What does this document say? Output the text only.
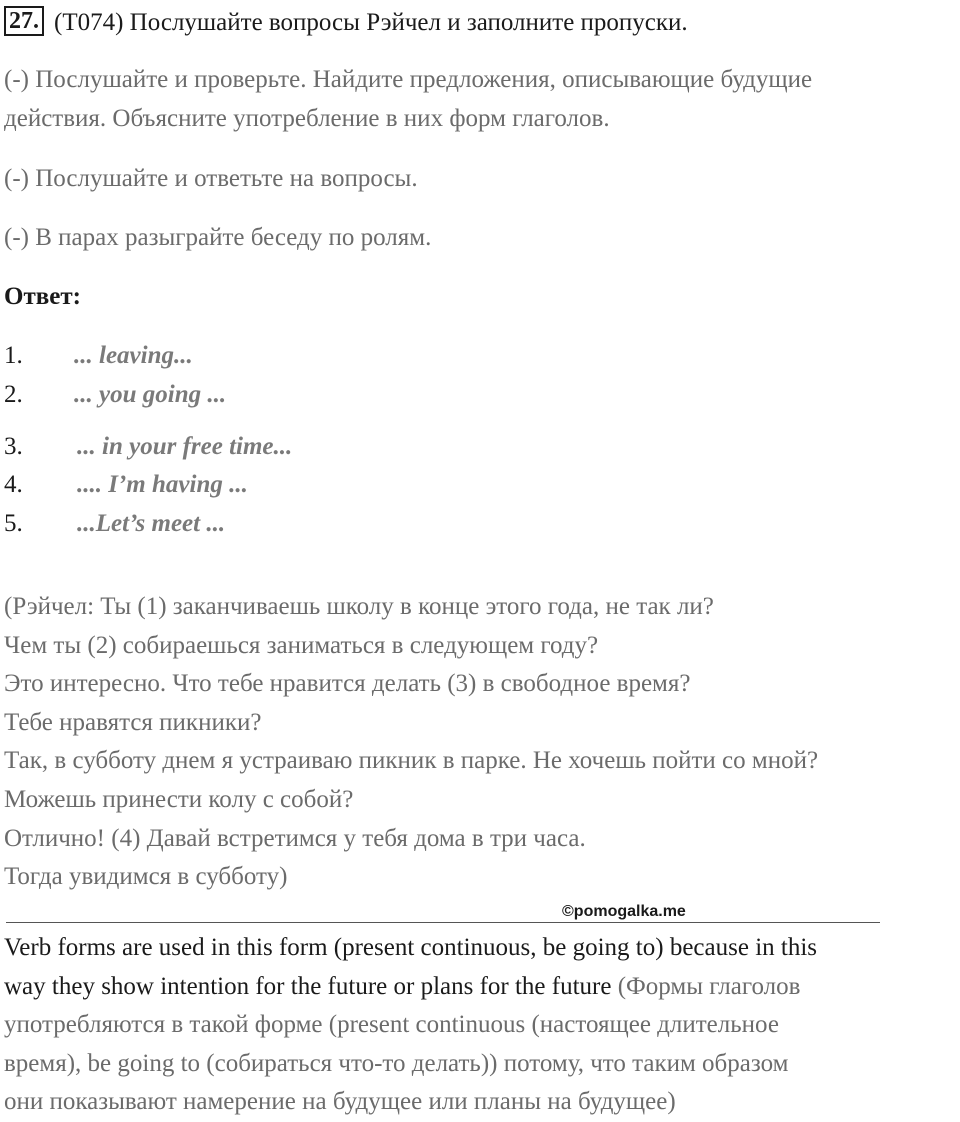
27. (T074) Послушайте вопросы Рэйчел и заполните пропуски.
(-) Послушайте и проверьте. Найдите предложения, описывающие будущие
действия. Объясните употребление в них форм глаголов.
(-) Послушайте и ответьте на вопросы.
(-) В парах разыграйте беседу по ролям.
Ответ:
1. ... leaving...
2. ... you going ...
3. ... in your free time...
4. .... I’m having ...
5. ...Let’s meet ...
(Рэйчел: Ты (1) заканчиваешь школу в конце этого года, не так ли?
Чем ты (2) собираешься заниматься в следующем году?
Это интересно. Что тебе нравится делать (3) в свободное время?
Тебе нравятся пикники?
Так, в субботу днем я устраиваю пикник в парке. Не хочешь пойти со мной?
Можешь принести колу с собой?
Отлично! (4) Давай встретимся у тебя дома в три часа.
Тогда увидимся в субботу)
©pomogalka.me
Verb forms are used in this form (present continuous, be going to) because in this
way they show intention for the future or plans for the future (Формы глаголов
употребляются в такой форме (present continuous (настоящее длительное
время), be going to (собираться что-то делать)) потому, что таким образом
они показывают намерение на будущее или планы на будущее)
